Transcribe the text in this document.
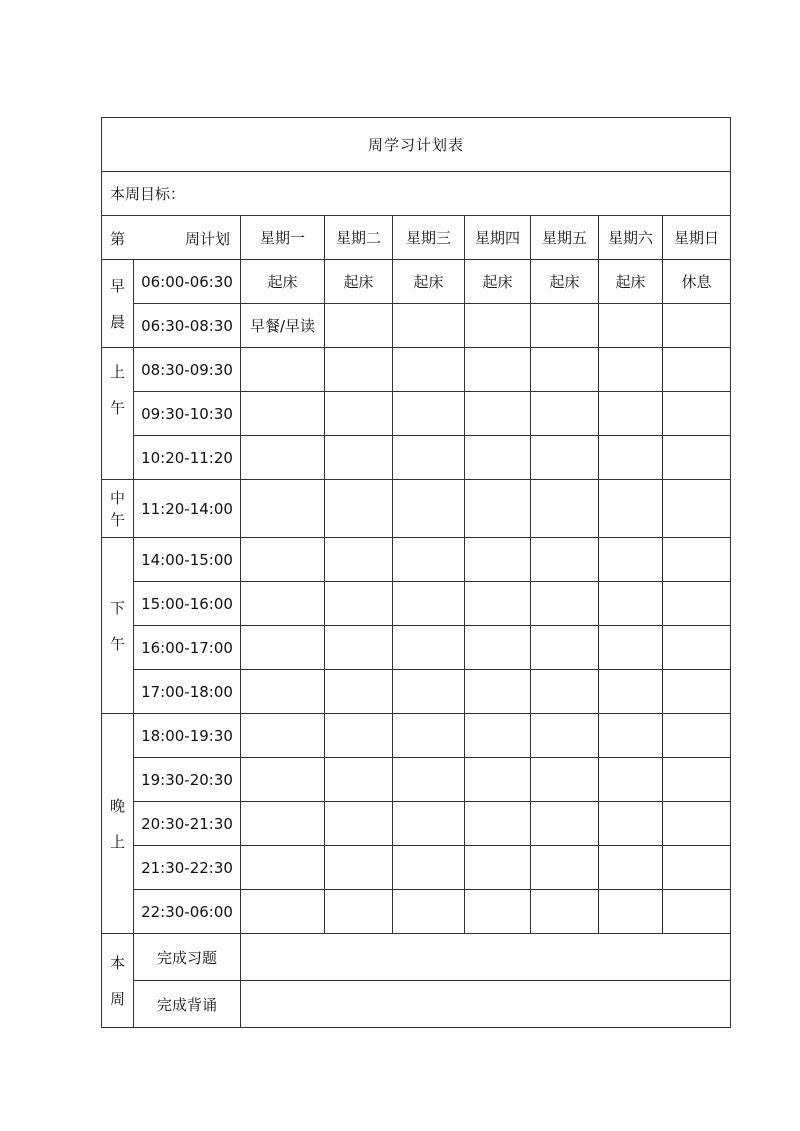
周学习计划表								
本周目标：								

第 周计划		星期一	星期二	星期三	星期四	星期五	星期六	星期日

早
晨	06:00-06:30	起床	起床	起床	起床	起床	起床	休息
	06:30-08:30	早餐/早读						

上
午	08:30-09:30							
	09:30-10:30							
	10:20-11:20							

中
午	11:20-14:00							

下
午	14:00-15:00							
	15:00-16:00							
	16:00-17:00							
	17:00-18:00							

晚
上	18:00-19:30							
	19:30-20:30							
	20:30-21:30							
	21:30-22:30							
	22:30-06:00							

本
周	完成习题							
	完成背诵							
